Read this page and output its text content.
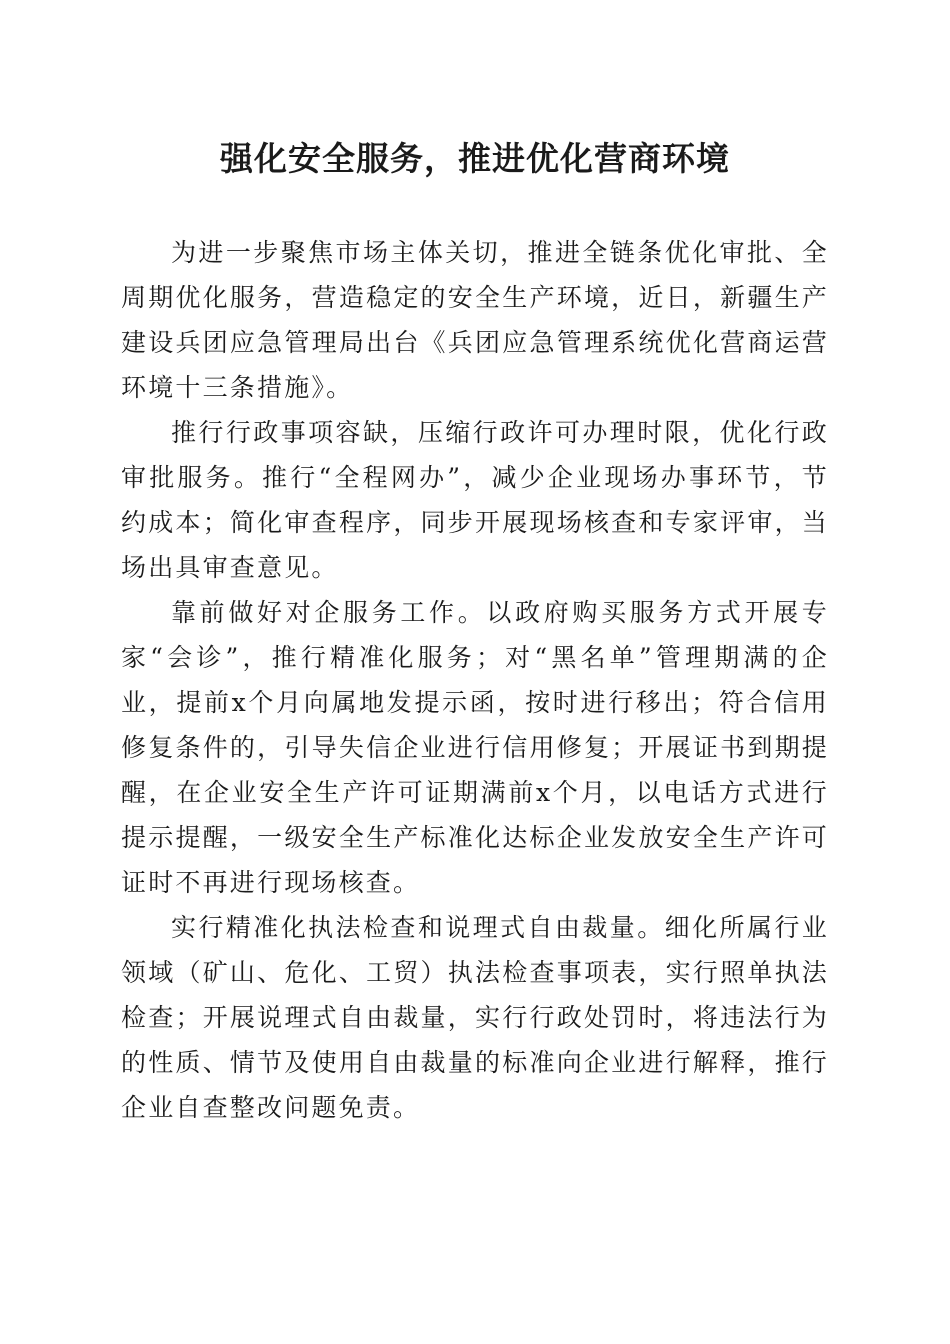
强化安全服务，推进优化营商环境

为进一步聚焦市场主体关切，推进全链条优化审批、全周期优化服务，营造稳定的安全生产环境，近日，新疆生产建设兵团应急管理局出台《兵团应急管理系统优化营商运营环境十三条措施》。

推行行政事项容缺，压缩行政许可办理时限，优化行政审批服务。推行“全程网办”，减少企业现场办事环节，节约成本；简化审查程序，同步开展现场核查和专家评审，当场出具审查意见。

靠前做好对企服务工作。以政府购买服务方式开展专家“会诊”，推行精准化服务；对“黑名单”管理期满的企业，提前x个月向属地发提示函，按时进行移出；符合信用修复条件的，引导失信企业进行信用修复；开展证书到期提醒，在企业安全生产许可证期满前x个月，以电话方式进行提示提醒，一级安全生产标准化达标企业发放安全生产许可证时不再进行现场核查。

实行精准化执法检查和说理式自由裁量。细化所属行业领域（矿山、危化、工贸）执法检查事项表，实行照单执法检查；开展说理式自由裁量，实行行政处罚时，将违法行为的性质、情节及使用自由裁量的标准向企业进行解释，推行企业自查整改问题免责。
